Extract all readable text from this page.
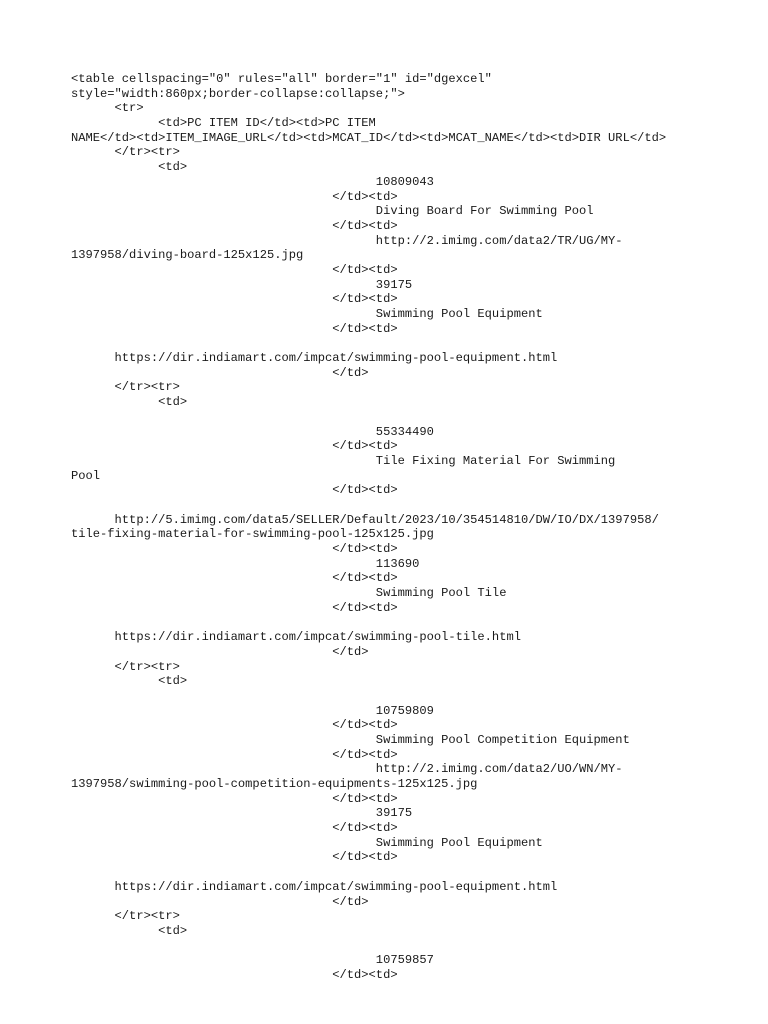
<table cellspacing="0" rules="all" border="1" id="dgexcel"
style="width:860px;border-collapse:collapse;">
<tr>
<td>PC ITEM ID</td><td>PC ITEM
NAME</td><td>ITEM_IMAGE_URL</td><td>MCAT_ID</td><td>MCAT_NAME</td><td>DIR URL</td>
</tr><tr>
<td>
10809043
</td><td>
Diving Board For Swimming Pool
</td><td>
http://2.imimg.com/data2/TR/UG/MY-
1397958/diving-board-125x125.jpg
</td><td>
39175
</td><td>
Swimming Pool Equipment
</td><td>
https://dir.indiamart.com/impcat/swimming-pool-equipment.html
</td>
</tr><tr>
<td>
55334490
</td><td>
Tile Fixing Material For Swimming
Pool
</td><td>
http://5.imimg.com/data5/SELLER/Default/2023/10/354514810/DW/IO/DX/1397958/
tile-fixing-material-for-swimming-pool-125x125.jpg
</td><td>
113690
</td><td>
Swimming Pool Tile
</td><td>
https://dir.indiamart.com/impcat/swimming-pool-tile.html
</td>
</tr><tr>
<td>
10759809
</td><td>
Swimming Pool Competition Equipment
</td><td>
http://2.imimg.com/data2/UO/WN/MY-
1397958/swimming-pool-competition-equipments-125x125.jpg
</td><td>
39175
</td><td>
Swimming Pool Equipment
</td><td>
https://dir.indiamart.com/impcat/swimming-pool-equipment.html
</td>
</tr><tr>
<td>
10759857
</td><td>
